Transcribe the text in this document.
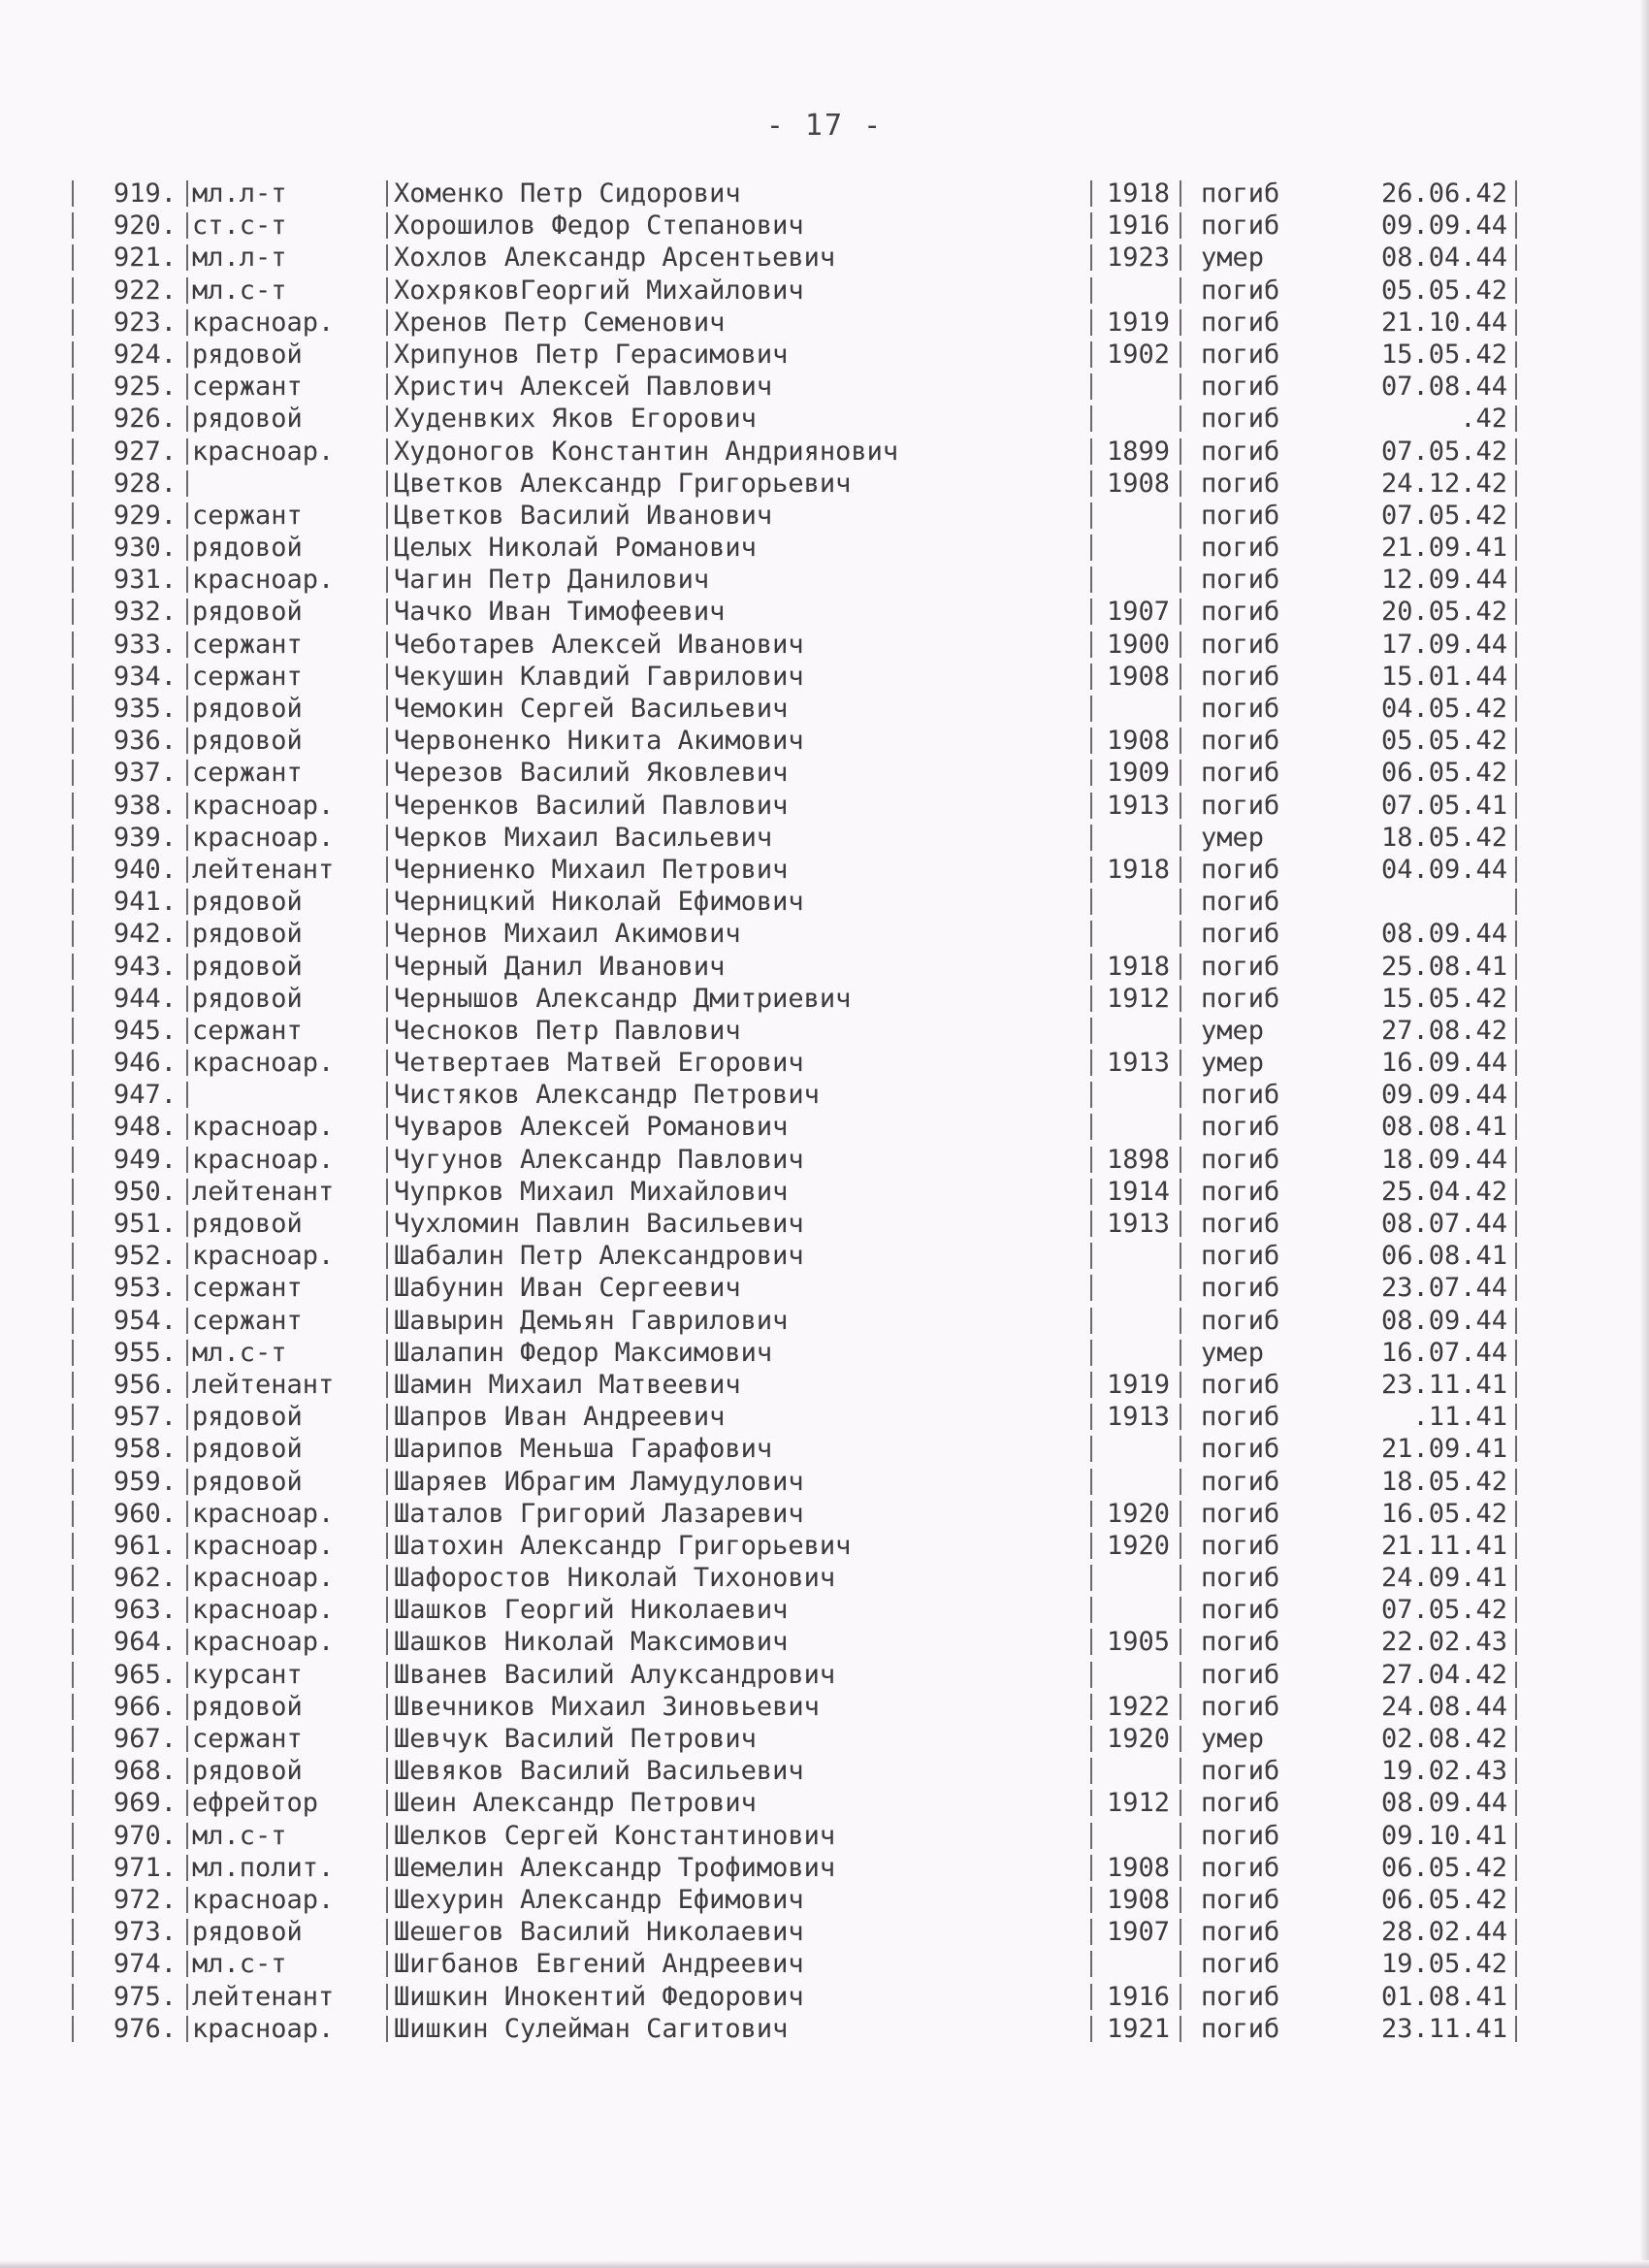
- 17 -
919. мл.л-т	Хоменко Петр Сидорович	1918 погиб	26.06.42
920. ст.с-т	Хорошилов Федор Степанович	1916 погиб	09.09.44
921. мл.л-т	Хохлов Александр Арсентьевич	1923 умер	08.04.44
922. мл.с-т	ХохряковГеоргий Михайлович	погиб	05.05.42
923. красноар.	Хренов Петр Семенович	1919 погиб	21.10.44
924. рядовой	Хрипунов Петр Герасимович	1902 погиб	15.05.42
925. сержант	Христич Алексей Павлович	погиб	07.08.44
926. рядовой	Худенвких Яков Егорович	погиб	.42
927. красноар.	Худоногов Константин Андриянович	1899 погиб	07.05.42
928.	Цветков Александр Григорьевич	1908 погиб	24.12.42
929. сержант	Цветков Василий Иванович	погиб	07.05.42
930. рядовой	Целых Николай Романович	погиб	21.09.41
931. красноар.	Чагин Петр Данилович	погиб	12.09.44
932. рядовой	Чачко Иван Тимофеевич	1907 погиб	20.05.42
933. сержант	Чеботарев Алексей Иванович	1900 погиб	17.09.44
934. сержант	Чекушин Клавдий Гаврилович	1908 погиб	15.01.44
935. рядовой	Чемокин Сергей Васильевич	погиб	04.05.42
936. рядовой	Червоненко Никита Акимович	1908 погиб	05.05.42
937. сержант	Черезов Василий Яковлевич	1909 погиб	06.05.42
938. красноар.	Черенков Василий Павлович	1913 погиб	07.05.41
939. красноар.	Черков Михаил Васильевич	умер	18.05.42
940. лейтенант	Черниенко Михаил Петрович	1918 погиб	04.09.44
941. рядовой	Черницкий Николай Ефимович	погиб
942. рядовой	Чернов Михаил Акимович	погиб	08.09.44
943. рядовой	Черный Данил Иванович	1918 погиб	25.08.41
944. рядовой	Чернышов Александр Дмитриевич	1912 погиб	15.05.42
945. сержант	Чесноков Петр Павлович	умер	27.08.42
946. красноар.	Четвертаев Матвей Егорович	1913 умер	16.09.44
947.	Чистяков Александр Петрович	погиб	09.09.44
948. красноар.	Чуваров Алексей Романович	погиб	08.08.41
949. красноар.	Чугунов Александр Павлович	1898 погиб	18.09.44
950. лейтенант	Чупрков Михаил Михайлович	1914 погиб	25.04.42
951. рядовой	Чухломин Павлин Васильевич	1913 погиб	08.07.44
952. красноар.	Шабалин Петр Александрович	погиб	06.08.41
953. сержант	Шабунин Иван Сергеевич	погиб	23.07.44
954. сержант	Шавырин Демьян Гаврилович	погиб	08.09.44
955. мл.с-т	Шалапин Федор Максимович	умер	16.07.44
956. лейтенант	Шамин Михаил Матвеевич	1919 погиб	23.11.41
957. рядовой	Шапров Иван Андреевич	1913 погиб	.11.41
958. рядовой	Шарипов Меньша Гарафович	погиб	21.09.41
959. рядовой	Шаряев Ибрагим Ламудулович	погиб	18.05.42
960. красноар.	Шаталов Григорий Лазаревич	1920 погиб	16.05.42
961. красноар.	Шатохин Александр Григорьевич	1920 погиб	21.11.41
962. красноар.	Шафоростов Николай Тихонович	погиб	24.09.41
963. красноар.	Шашков Георгий Николаевич	погиб	07.05.42
964. красноар.	Шашков Николай Максимович	1905 погиб	22.02.43
965. курсант	Шванев Василий Алуксандрович	погиб	27.04.42
966. рядовой	Швечников Михаил Зиновьевич	1922 погиб	24.08.44
967. сержант	Шевчук Василий Петрович	1920 умер	02.08.42
968. рядовой	Шевяков Василий Васильевич	погиб	19.02.43
969. ефрейтор	Шеин Александр Петрович	1912 погиб	08.09.44
970. мл.с-т	Шелков Сергей Константинович	погиб	09.10.41
971. мл.полит.	Шемелин Александр Трофимович	1908 погиб	06.05.42
972. красноар.	Шехурин Александр Ефимович	1908 погиб	06.05.42
973. рядовой	Шешегов Василий Николаевич	1907 погиб	28.02.44
974. мл.с-т	Шигбанов Евгений Андреевич	погиб	19.05.42
975. лейтенант	Шишкин Инокентий Федорович	1916 погиб	01.08.41
976. красноар.	Шишкин Сулейман Сагитович	1921 погиб	23.11.41
